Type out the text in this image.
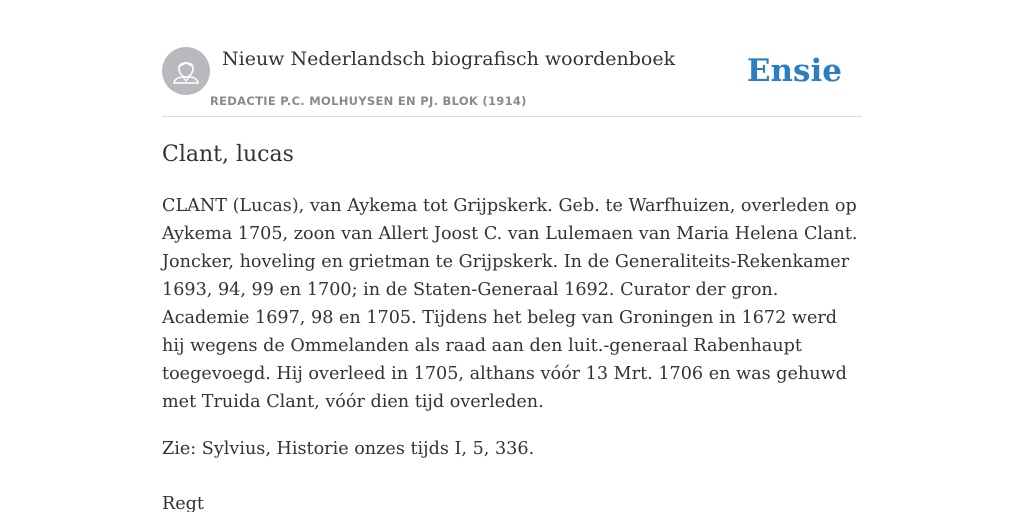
Nieuw Nederlandsch biografisch woordenboek
REDACTIE P.C. MOLHUYSEN EN PJ. BLOK (1914)
Ensie
Clant, lucas

CLANT (Lucas), van Aykema tot Grijpskerk. Geb. te Warfhuizen, overleden op Aykema 1705, zoon van Allert Joost C. van Lulemaen van Maria Helena Clant. Joncker, hoveling en grietman te Grijpskerk. In de Generaliteits-Rekenkamer 1693, 94, 99 en 1700; in de Staten-Generaal 1692. Curator der gron. Academie 1697, 98 en 1705. Tijdens het beleg van Groningen in 1672 werd hij wegens de Ommelanden als raad aan den luit.-generaal Rabenhaupt toegevoegd. Hij overleed in 1705, althans vóór 13 Mrt. 1706 en was gehuwd met Truida Clant, vóór dien tijd overleden.

Zie: Sylvius, Historie onzes tijds I, 5, 336.

Regt
